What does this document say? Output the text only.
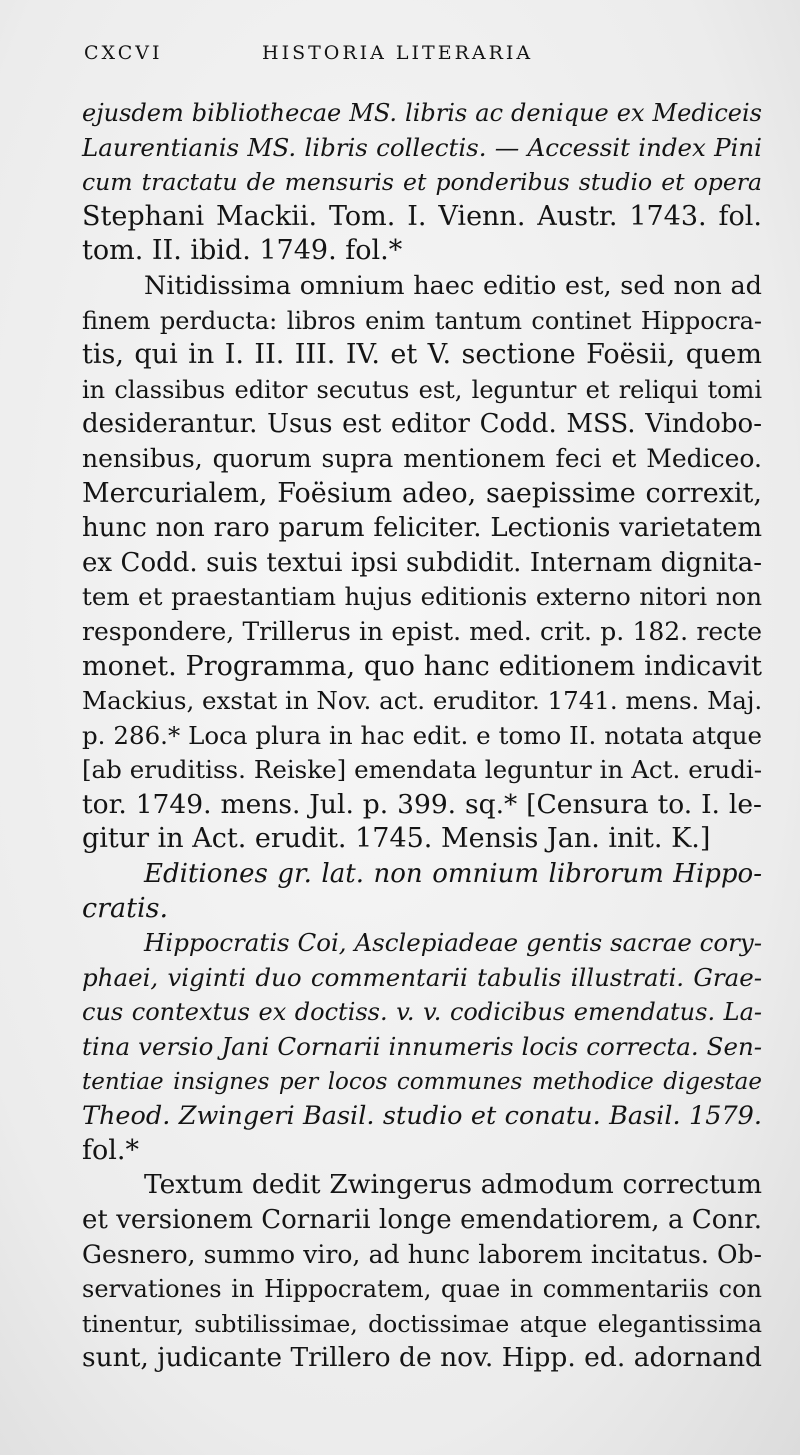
CXCVI	HISTORIA LITERARIA
ejusdem bibliothecae MS. libris ac denique ex Mediceis
Laurentianis MS. libris collectis. — Accessit index Pini
cum tractatu de mensuris et ponderibus studio et opera
Stephani Mackii. Tom. I. Vienn. Austr. 1743. fol.
tom. II. ibid. 1749. fol.*
Nitidissima omnium haec editio est, sed non ad
finem perducta: libros enim tantum continet Hippocra-
tis, qui in I. II. III. IV. et V. sectione Foësii, quem
in classibus editor secutus est, leguntur et reliqui tomi
desiderantur. Usus est editor Codd. MSS. Vindobo-
nensibus, quorum supra mentionem feci et Mediceo.
Mercurialem, Foësium adeo, saepissime correxit,
hunc non raro parum feliciter. Lectionis varietatem
ex Codd. suis textui ipsi subdidit. Internam dignita-
tem et praestantiam hujus editionis externo nitori non
respondere, Trillerus in epist. med. crit. p. 182. recte
monet. Programma, quo hanc editionem indicavit
Mackius, exstat in Nov. act. eruditor. 1741. mens. Maj.
p. 286.* Loca plura in hac edit. e tomo II. notata atque
[ab eruditiss. Reiske] emendata leguntur in Act. erudi-
tor. 1749. mens. Jul. p. 399. sq.* [Censura to. I. le-
gitur in Act. erudit. 1745. Mensis Jan. init. K.]
Editiones gr. lat. non omnium librorum Hippo-
cratis.
Hippocratis Coi, Asclepiadeae gentis sacrae cory-
phaei, viginti duo commentarii tabulis illustrati. Grae-
cus contextus ex doctiss. v. v. codicibus emendatus. La-
tina versio Jani Cornarii innumeris locis correcta. Sen-
tentiae insignes per locos communes methodice digestae
Theod. Zwingeri Basil. studio et conatu. Basil. 1579.
fol.*
Textum dedit Zwingerus admodum correctum
et versionem Cornarii longe emendatiorem, a Conr.
Gesnero, summo viro, ad hunc laborem incitatus. Ob-
servationes in Hippocratem, quae in commentariis con
tinentur, subtilissimae, doctissimae atque elegantissima
sunt, judicante Trillero de nov. Hipp. ed. adornand
